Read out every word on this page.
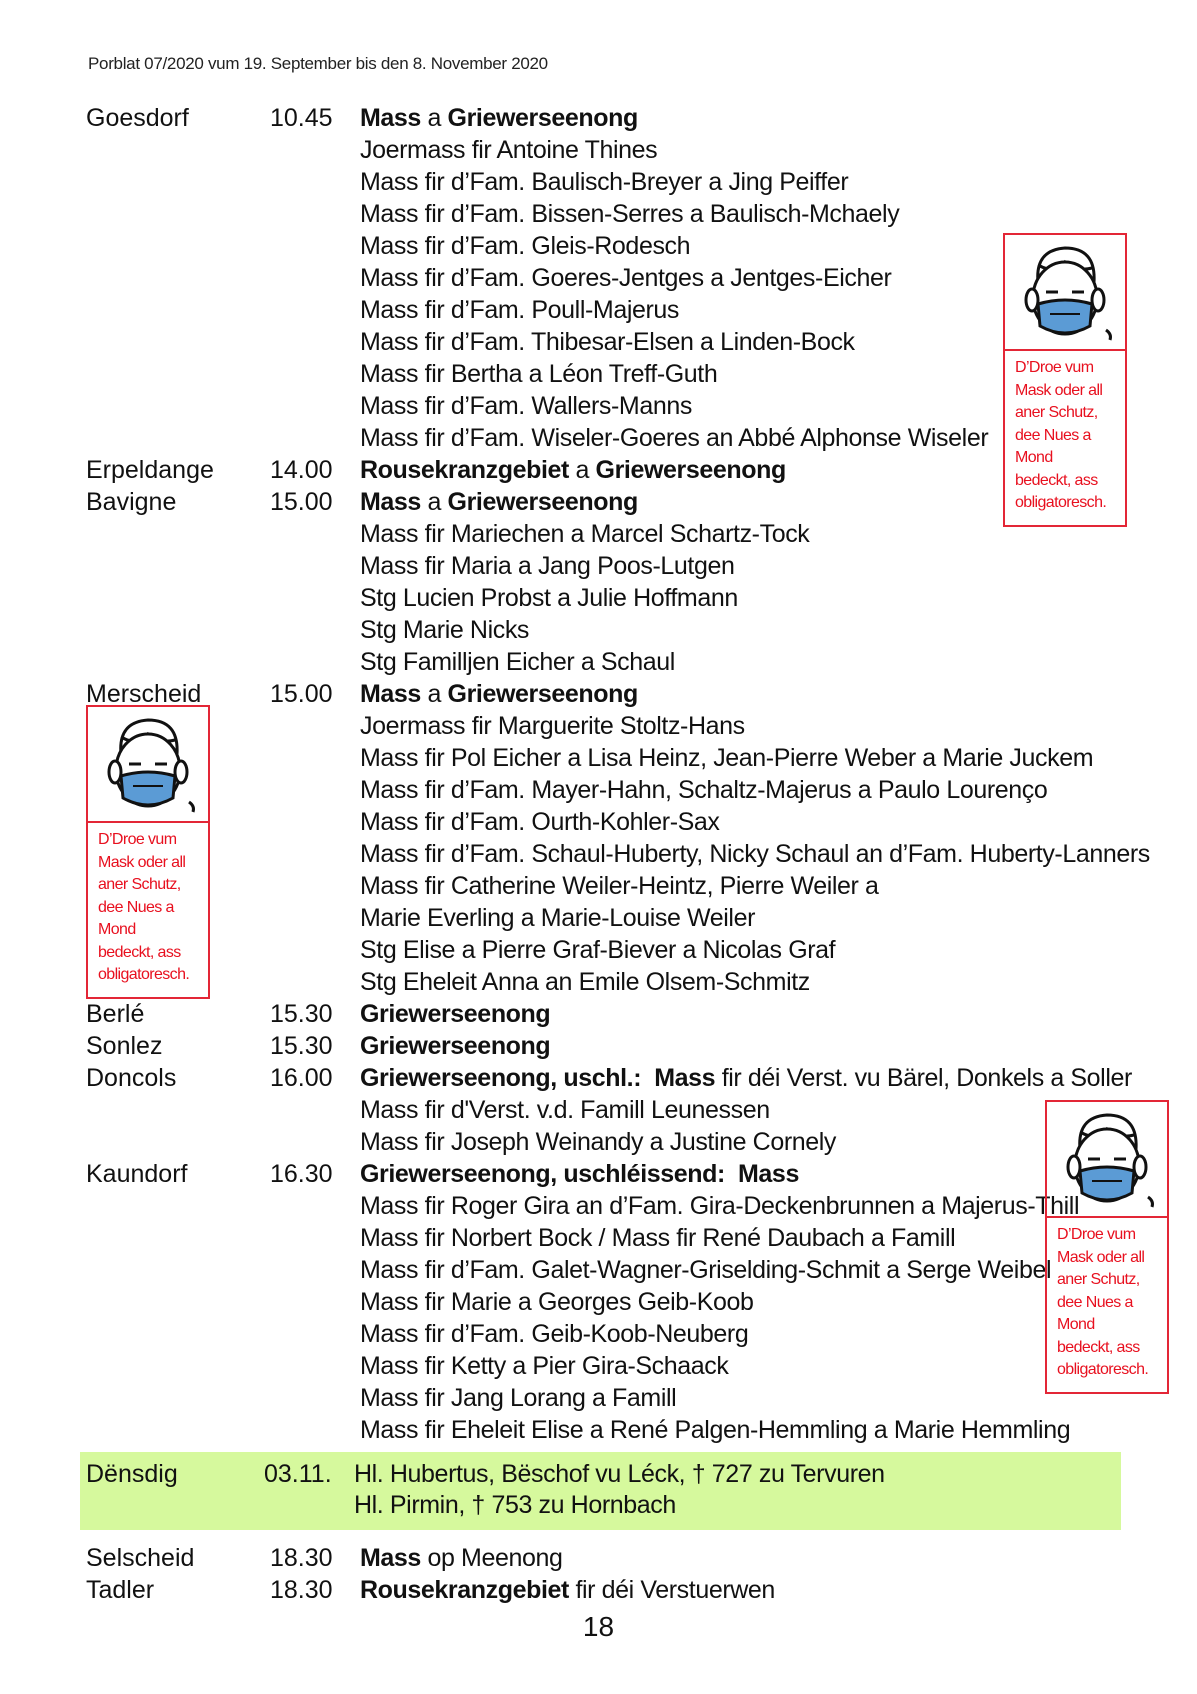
Porblat 07/2020 vum 19. September bis den 8. November 2020
Goesdorf	10.45	Mass a Griewerseenong
Joermass fir Antoine Thines
Mass fir d’Fam. Baulisch-Breyer a Jing Peiffer
Mass fir d’Fam. Bissen-Serres a Baulisch-Mchaely
Mass fir d’Fam. Gleis-Rodesch
Mass fir d’Fam. Goeres-Jentges a Jentges-Eicher
Mass fir d’Fam. Poull-Majerus
Mass fir d’Fam. Thibesar-Elsen a Linden-Bock
Mass fir Bertha a Léon Treff-Guth
Mass fir d’Fam. Wallers-Manns
Mass fir d’Fam. Wiseler-Goeres an Abbé Alphonse Wiseler
Erpeldange	14.00	Rousekranzgebiet a Griewerseenong
Bavigne	15.00	Mass a Griewerseenong
Mass fir Mariechen a Marcel Schartz-Tock
Mass fir Maria a Jang Poos-Lutgen
Stg Lucien Probst a Julie Hoffmann
Stg Marie Nicks
Stg Familljen Eicher a Schaul
Merscheid	15.00	Mass a Griewerseenong
Joermass fir Marguerite Stoltz-Hans
Mass fir Pol Eicher a Lisa Heinz, Jean-Pierre Weber a Marie Juckem
Mass fir d’Fam. Mayer-Hahn, Schaltz-Majerus a Paulo Lourenço
Mass fir d’Fam. Ourth-Kohler-Sax
Mass fir d’Fam. Schaul-Huberty, Nicky Schaul an d’Fam. Huberty-Lanners
Mass fir Catherine Weiler-Heintz, Pierre Weiler a
Marie Everling a Marie-Louise Weiler
Stg Elise a Pierre Graf-Biever a Nicolas Graf
Stg Eheleit Anna an Emile Olsem-Schmitz
Berlé	15.30	Griewerseenong
Sonlez	15.30	Griewerseenong
Doncols	16.00	Griewerseenong, uschl.:  Mass fir déi Verst. vu Bärel, Donkels a Soller
Mass fir d'Verst. v.d. Famill Leunessen
Mass fir Joseph Weinandy a Justine Cornely
Kaundorf	16.30	Griewerseenong, uschléissend:  Mass
Mass fir Roger Gira an d’Fam. Gira-Deckenbrunnen a Majerus-Thill
Mass fir Norbert Bock / Mass fir René Daubach a Famill
Mass fir d’Fam. Galet-Wagner-Griselding-Schmit a Serge Weibel
Mass fir Marie a Georges Geib-Koob
Mass fir d’Fam. Geib-Koob-Neuberg
Mass fir Ketty a Pier Gira-Schaack
Mass fir Jang Lorang a Famill
Mass fir Eheleit Elise a René Palgen-Hemmling a Marie Hemmling
Dënsdig	03.11. Hl. Hubertus, Bëschof vu Léck, † 727 zu Tervuren
Hl. Pirmin, † 753 zu Hornbach
Selscheid	18.30	Mass op Meenong
Tadler	18.30	Rousekranzgebiet fir déi Verstuerwen
D’Droe vum
Mask oder all
aner Schutz,
dee Nues a
Mond
bedeckt, ass
obligatoresch.
D’Droe vum
Mask oder all
aner Schutz,
dee Nues a
Mond
bedeckt, ass
obligatoresch.
D’Droe vum
Mask oder all
aner Schutz,
dee Nues a
Mond
bedeckt, ass
obligatoresch.
18
